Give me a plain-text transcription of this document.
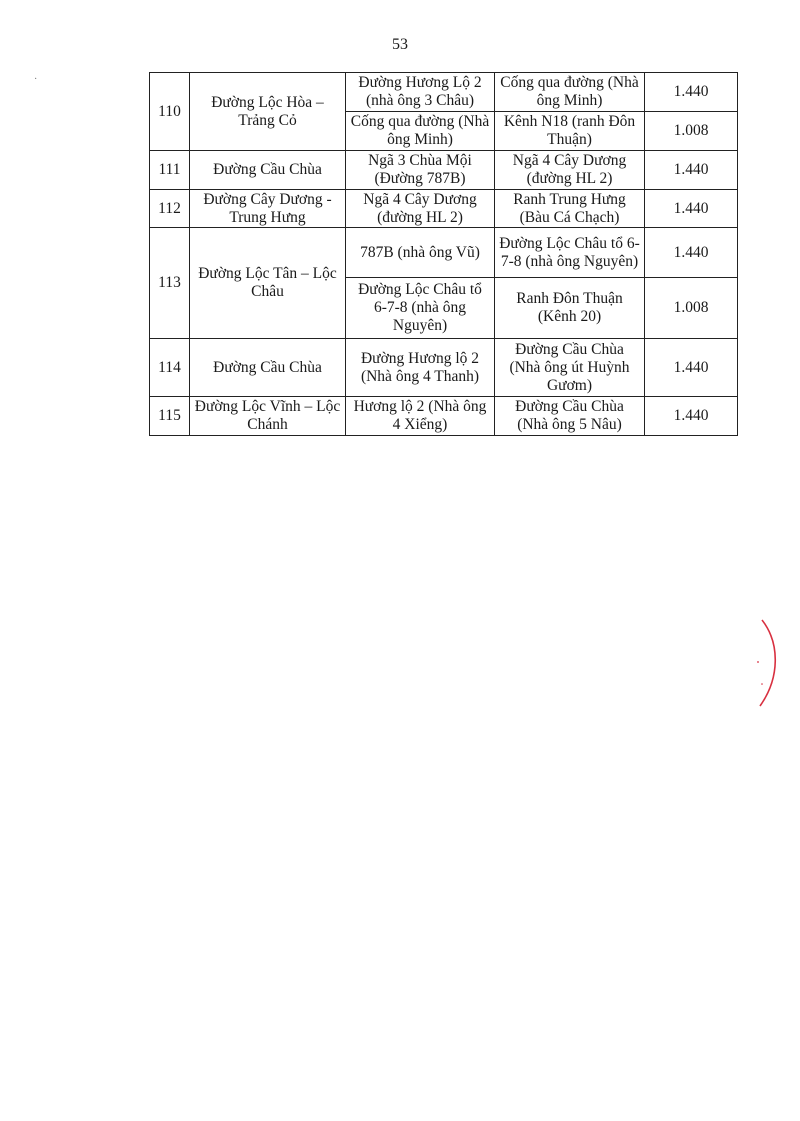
53
·
110	Đường Lộc Hòa – Trảng Cỏ	Đường Hương Lộ 2 (nhà ông 3 Châu)	Cống qua đường (Nhà ông Minh)	1.440
		Cống qua đường (Nhà ông Minh)	Kênh N18 (ranh Đôn Thuận)	1.008
111	Đường Cầu Chùa	Ngã 3 Chùa Mội (Đường 787B)	Ngã 4 Cây Dương (đường HL 2)	1.440
112	Đường Cây Dương - Trung Hưng	Ngã 4 Cây Dương (đường HL 2)	Ranh Trung Hưng (Bàu Cá Chạch)	1.440
113	Đường Lộc Tân – Lộc Châu	787B (nhà ông Vũ)	Đường Lộc Châu tổ 6-7-8 (nhà ông Nguyên)	1.440
		Đường Lộc Châu tổ 6-7-8 (nhà ông Nguyên)	Ranh Đôn Thuận (Kênh 20)	1.008
114	Đường Cầu Chùa	Đường Hương lộ 2 (Nhà ông 4 Thanh)	Đường Cầu Chùa (Nhà ông út Huỳnh Gươm)	1.440
115	Đường Lộc Vĩnh – Lộc Chánh	Hương lộ 2 (Nhà ông 4 Xiểng)	Đường Cầu Chùa (Nhà ông 5 Nâu)	1.440
